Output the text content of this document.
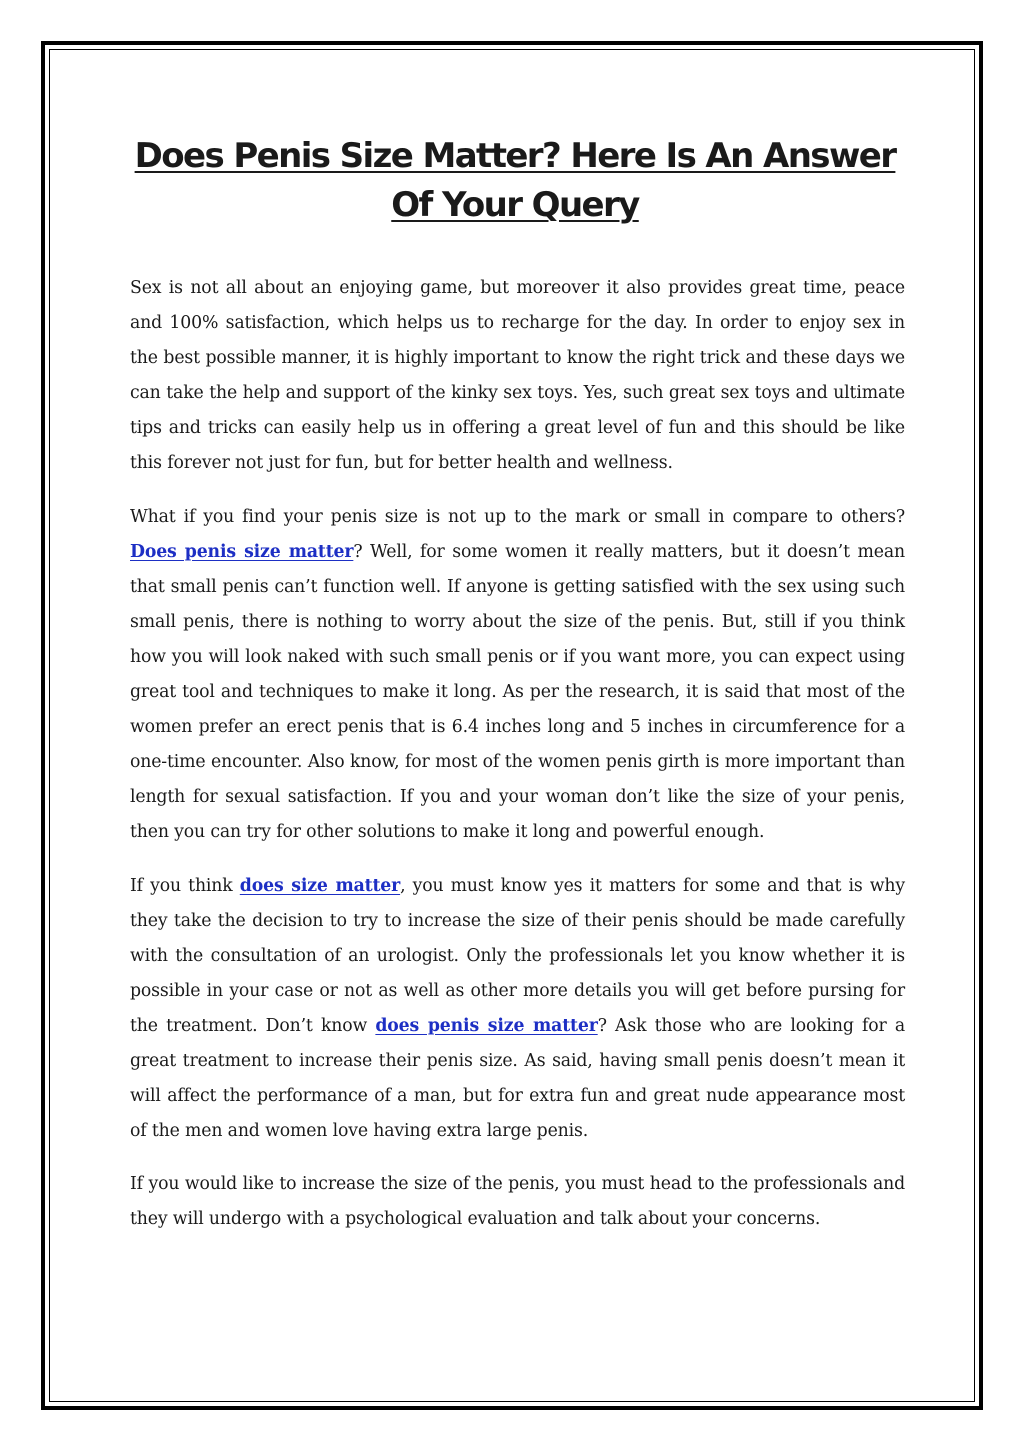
Does Penis Size Matter? Here Is An Answer
Of Your Query

Sex is not all about an enjoying game, but moreover it also provides great time, peace and 100% satisfaction, which helps us to recharge for the day. In order to enjoy sex in the best possible manner, it is highly important to know the right trick and these days we can take the help and support of the kinky sex toys. Yes, such great sex toys and ultimate tips and tricks can easily help us in offering a great level of fun and this should be like this forever not just for fun, but for better health and wellness.

What if you find your penis size is not up to the mark or small in compare to others? Does penis size matter? Well, for some women it really matters, but it doesn’t mean that small penis can’t function well. If anyone is getting satisfied with the sex using such small penis, there is nothing to worry about the size of the penis. But, still if you think how you will look naked with such small penis or if you want more, you can expect using great tool and techniques to make it long. As per the research, it is said that most of the women prefer an erect penis that is 6.4 inches long and 5 inches in circumference for a one-time encounter. Also know, for most of the women penis girth is more important than length for sexual satisfaction. If you and your woman don’t like the size of your penis, then you can try for other solutions to make it long and powerful enough.

If you think does size matter, you must know yes it matters for some and that is why they take the decision to try to increase the size of their penis should be made carefully with the consultation of an urologist. Only the professionals let you know whether it is possible in your case or not as well as other more details you will get before pursing for the treatment. Don’t know does penis size matter? Ask those who are looking for a great treatment to increase their penis size. As said, having small penis doesn’t mean it will affect the performance of a man, but for extra fun and great nude appearance most of the men and women love having extra large penis.

If you would like to increase the size of the penis, you must head to the professionals and they will undergo with a psychological evaluation and talk about your concerns.
